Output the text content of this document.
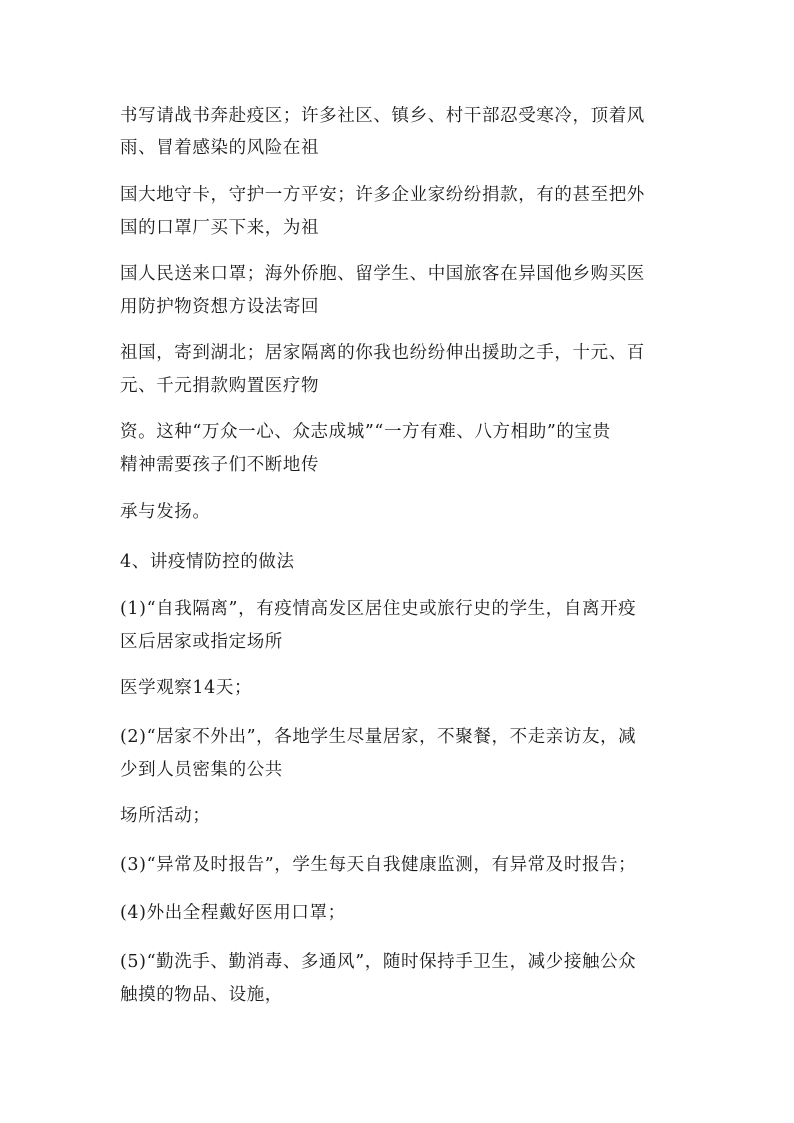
书写请战书奔赴疫区；许多社区、镇乡、村干部忍受寒冷，顶着风
雨、冒着感染的风险在祖
国大地守卡，守护一方平安；许多企业家纷纷捐款，有的甚至把外
国的口罩厂买下来，为祖
国人民送来口罩；海外侨胞、留学生、中国旅客在异国他乡购买医
用防护物资想方设法寄回
祖国，寄到湖北；居家隔离的你我也纷纷伸出援助之手，十元、百
元、千元捐款购置医疗物
资。这种“万众一心、众志成城”“一方有难、八方相助”的宝贵
精神需要孩子们不断地传
承与发扬。
4、讲疫情防控的做法
(1)“自我隔离”，有疫情高发区居住史或旅行史的学生，自离开疫
区后居家或指定场所
医学观察14天；
(2)“居家不外出”，各地学生尽量居家，不聚餐，不走亲访友，减
少到人员密集的公共
场所活动；
(3)“异常及时报告”，学生每天自我健康监测，有异常及时报告；
(4)外出全程戴好医用口罩；
(5)“勤洗手、勤消毒、多通风”，随时保持手卫生，减少接触公众
触摸的物品、设施，
